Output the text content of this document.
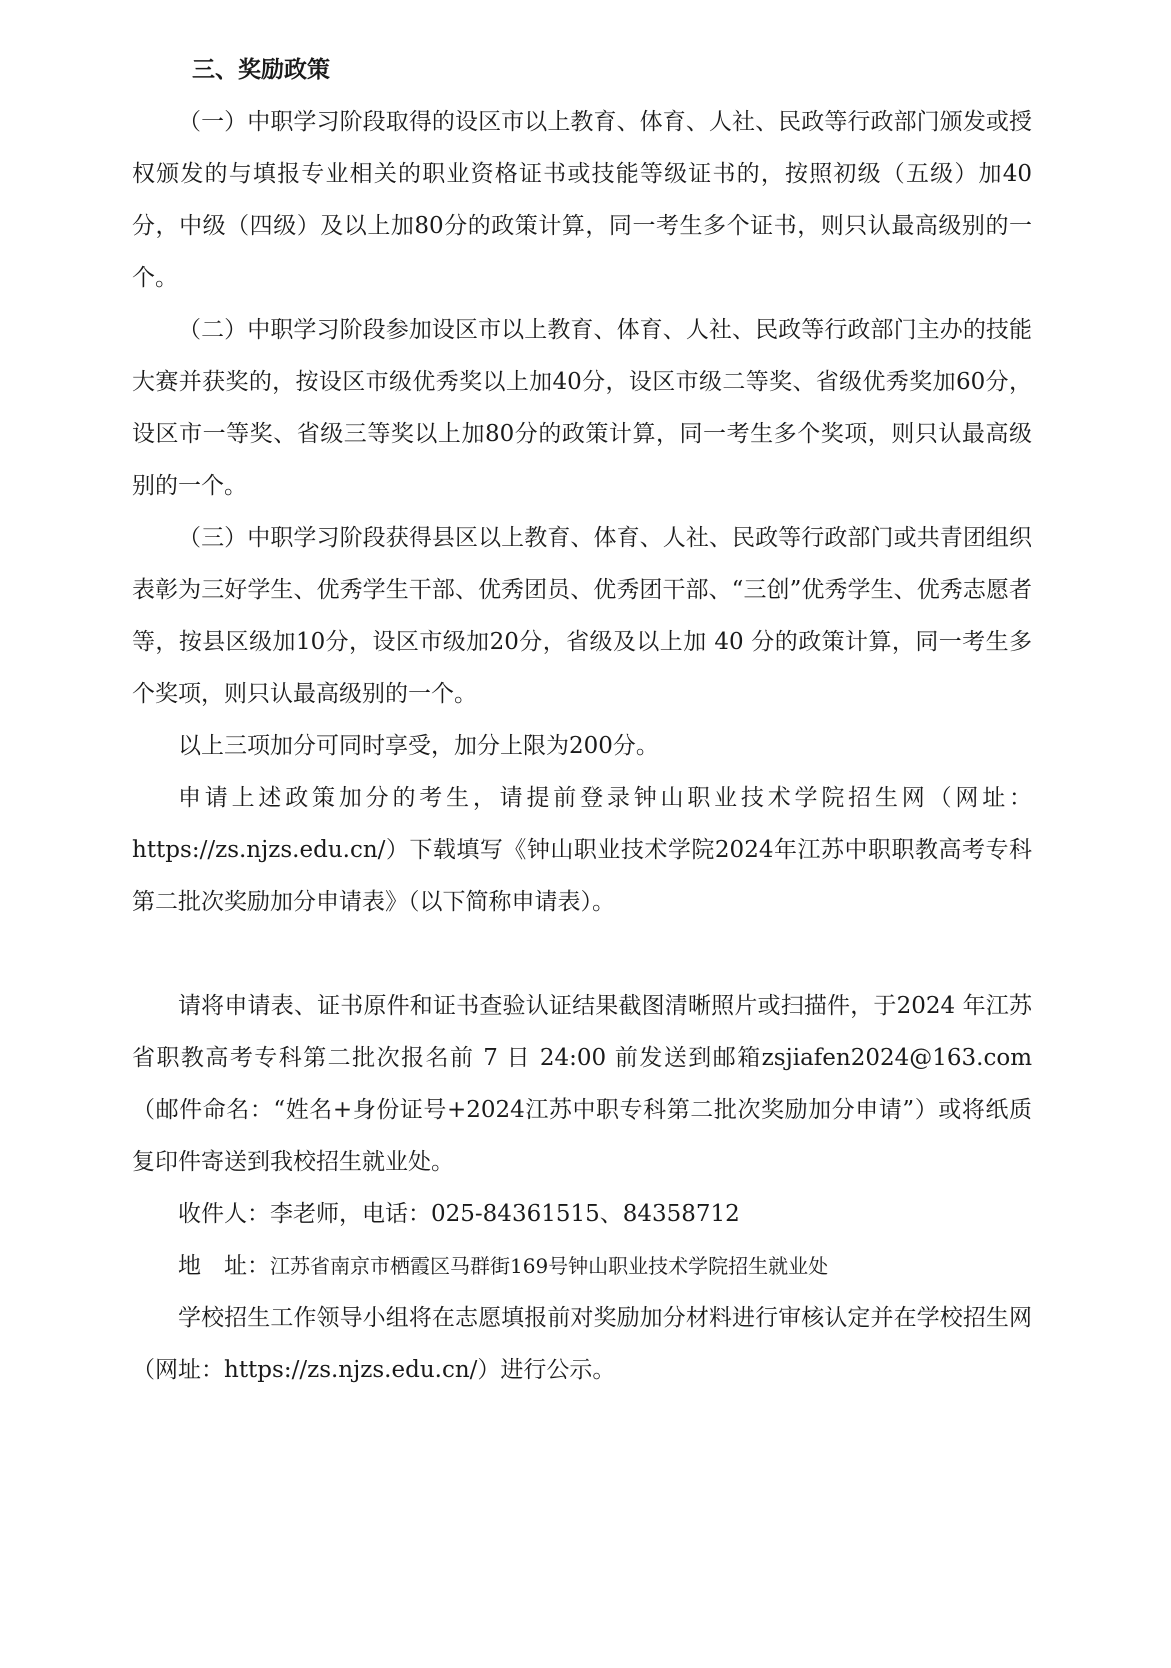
三、奖励政策

（一）中职学习阶段取得的设区市以上教育、体育、人社、民政等行政部门颁发或授权颁发的与填报专业相关的职业资格证书或技能等级证书的，按照初级（五级）加40分，中级（四级）及以上加80分的政策计算，同一考生多个证书，则只认最高级别的一个。

（二）中职学习阶段参加设区市以上教育、体育、人社、民政等行政部门主办的技能大赛并获奖的，按设区市级优秀奖以上加40分，设区市级二等奖、省级优秀奖加60分，设区市一等奖、省级三等奖以上加80分的政策计算，同一考生多个奖项，则只认最高级别的一个。

（三）中职学习阶段获得县区以上教育、体育、人社、民政等行政部门或共青团组织表彰为三好学生、优秀学生干部、优秀团员、优秀团干部、“三创”优秀学生、优秀志愿者等，按县区级加10分，设区市级加20分，省级及以上加 40 分的政策计算，同一考生多个奖项，则只认最高级别的一个。

以上三项加分可同时享受，加分上限为200分。

申请上述政策加分的考生，请提前登录钟山职业技术学院招生网（网址：https://zs.njzs.edu.cn/）下载填写《钟山职业技术学院2024年江苏中职职教高考专科第二批次奖励加分申请表》（以下简称申请表）。

请将申请表、证书原件和证书查验认证结果截图清晰照片或扫描件，于2024 年江苏省职教高考专科第二批次报名前 7 日 24:00 前发送到邮箱zsjiafen2024@163.com （邮件命名：“姓名+身份证号+2024江苏中职专科第二批次奖励加分申请”）或将纸质复印件寄送到我校招生就业处。

收件人：李老师，电话：025-84361515、84358712

地　址：江苏省南京市栖霞区马群街169号钟山职业技术学院招生就业处

学校招生工作领导小组将在志愿填报前对奖励加分材料进行审核认定并在学校招生网（网址：https://zs.njzs.edu.cn/）进行公示。
